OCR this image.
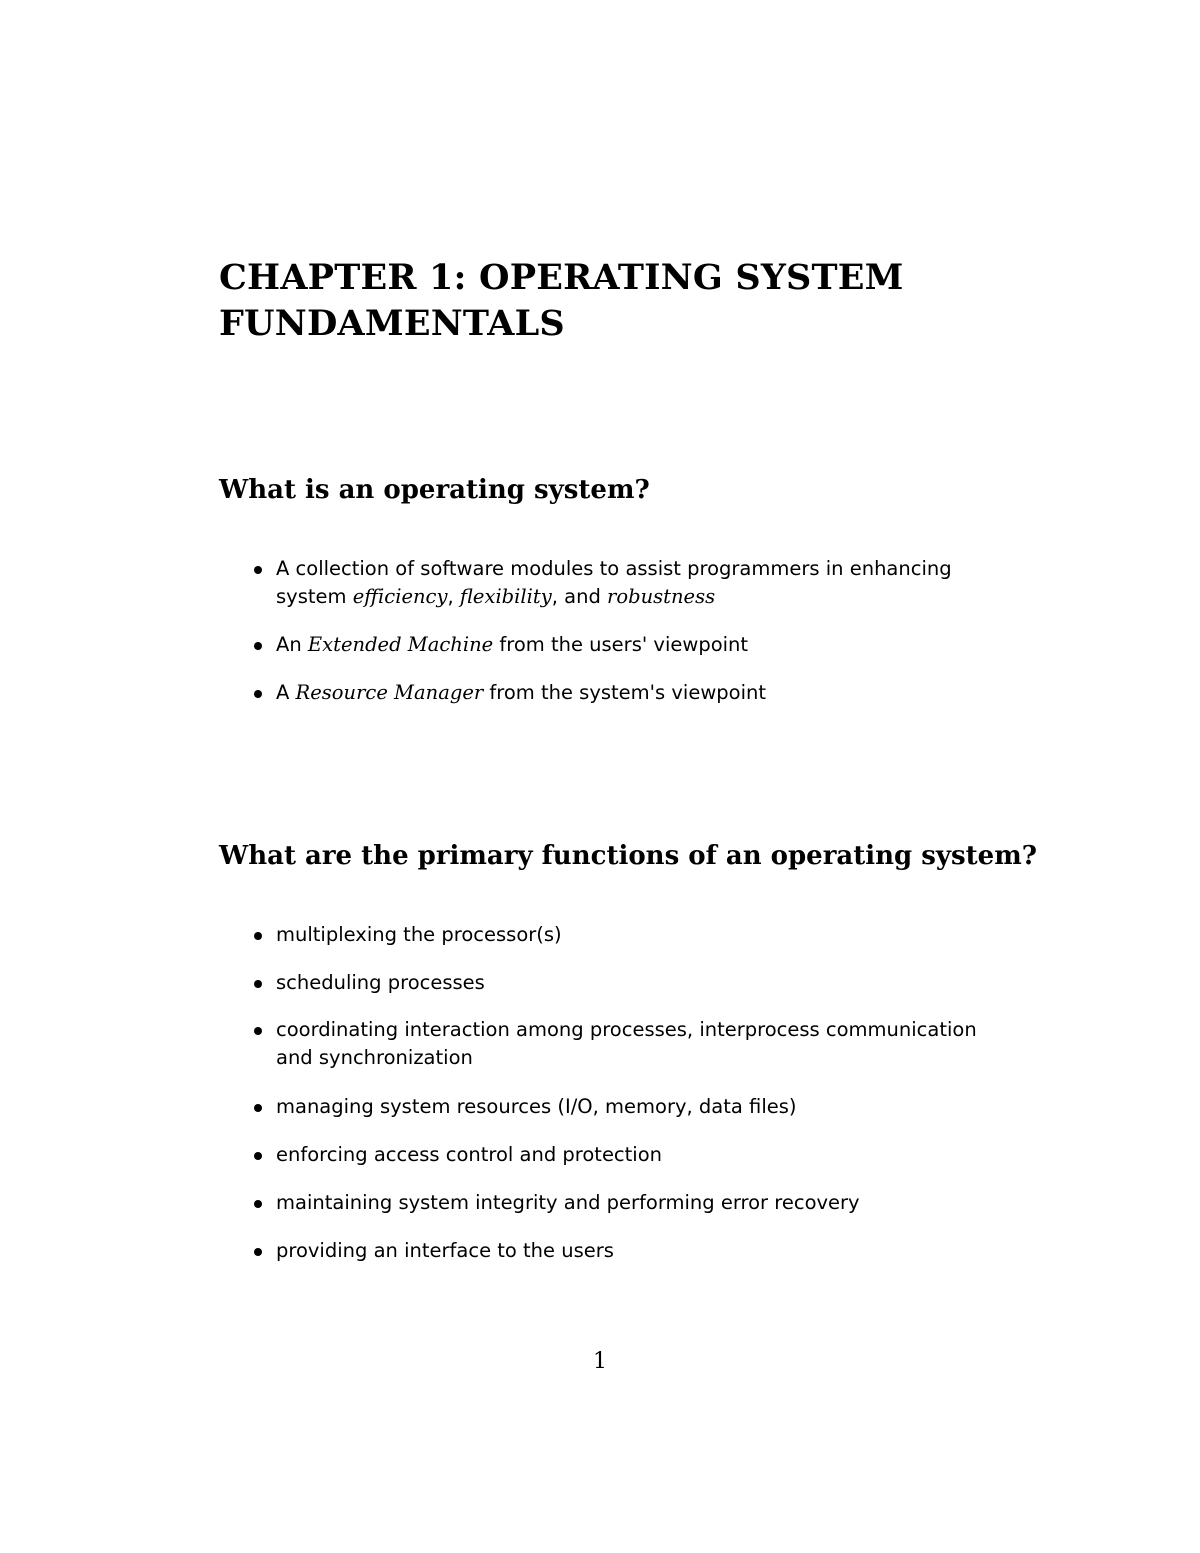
CHAPTER 1: OPERATING SYSTEM
FUNDAMENTALS
What is an operating system?
A collection of software modules to assist programmers in enhancing
system efficiency, flexibility, and robustness
An Extended Machine from the users' viewpoint
A Resource Manager from the system's viewpoint
What are the primary functions of an operating system?
multiplexing the processor(s)
scheduling processes
coordinating interaction among processes, interprocess communication
and synchronization
managing system resources (I/O, memory, data files)
enforcing access control and protection
maintaining system integrity and performing error recovery
providing an interface to the users
1
